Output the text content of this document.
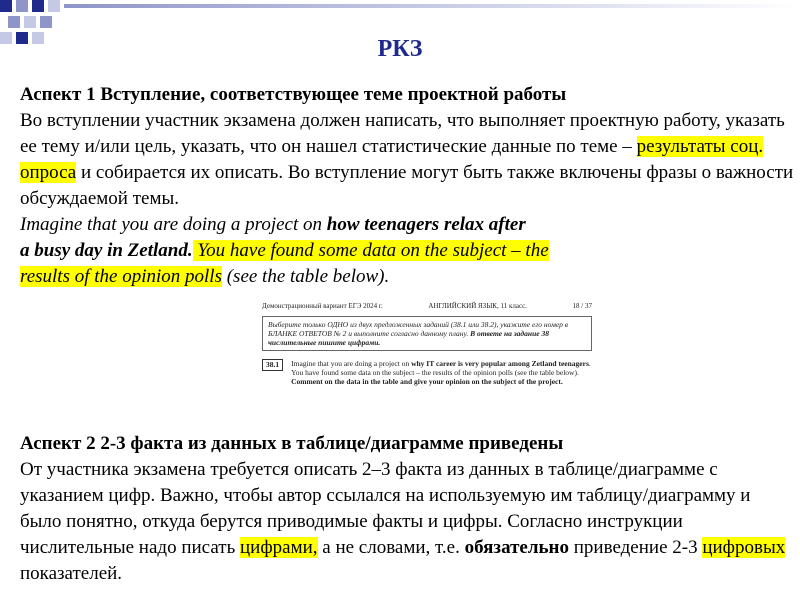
РКЗ

Аспект 1 Вступление, соответствующее теме проектной работы

Во вступлении участник экзамена должен написать, что выполняет проектную работу, указать ее тему и/или цель, указать, что он нашел статистические данные по теме – результаты соц. опроса и собирается их описать. Во вступление могут быть также включены фразы о важности обсуждаемой темы.

Imagine that you are doing a project on how teenagers relax after

a busy day in Zetland. You have found some data on the subject – the

results of the opinion polls (see the table below).

Демонстрационный вариант ЕГЭ 2024 г.	АНГЛИЙСКИЙ ЯЗЫК, 11 класс.	18 / 37
Выберите только ОДНО из двух предложенных заданий (38.1 или 38.2), укажите его номер в БЛАНКЕ ОТВЕТОВ № 2 и выполните согласно данному плану. В ответе на задание 38 числительные пишите цифрами.
38.1	Imagine that you are doing a project on why IT career is very popular among Zetland teenagers. You have found some data on the subject – the results of the opinion polls (see the table below).
Comment on the data in the table and give your opinion on the subject of the project.

Аспект 2 2-3 факта из данных в таблице/диаграмме приведены

От участника экзамена требуется описать 2–3 факта из данных в таблице/диаграмме с указанием цифр. Важно, чтобы автор ссылался на используемую им таблицу/диаграмму и было понятно, откуда берутся приводимые факты и цифры. Согласно инструкции числительные надо писать цифрами, а не словами, т.е. обязательно приведение 2-3 цифровых показателей.
